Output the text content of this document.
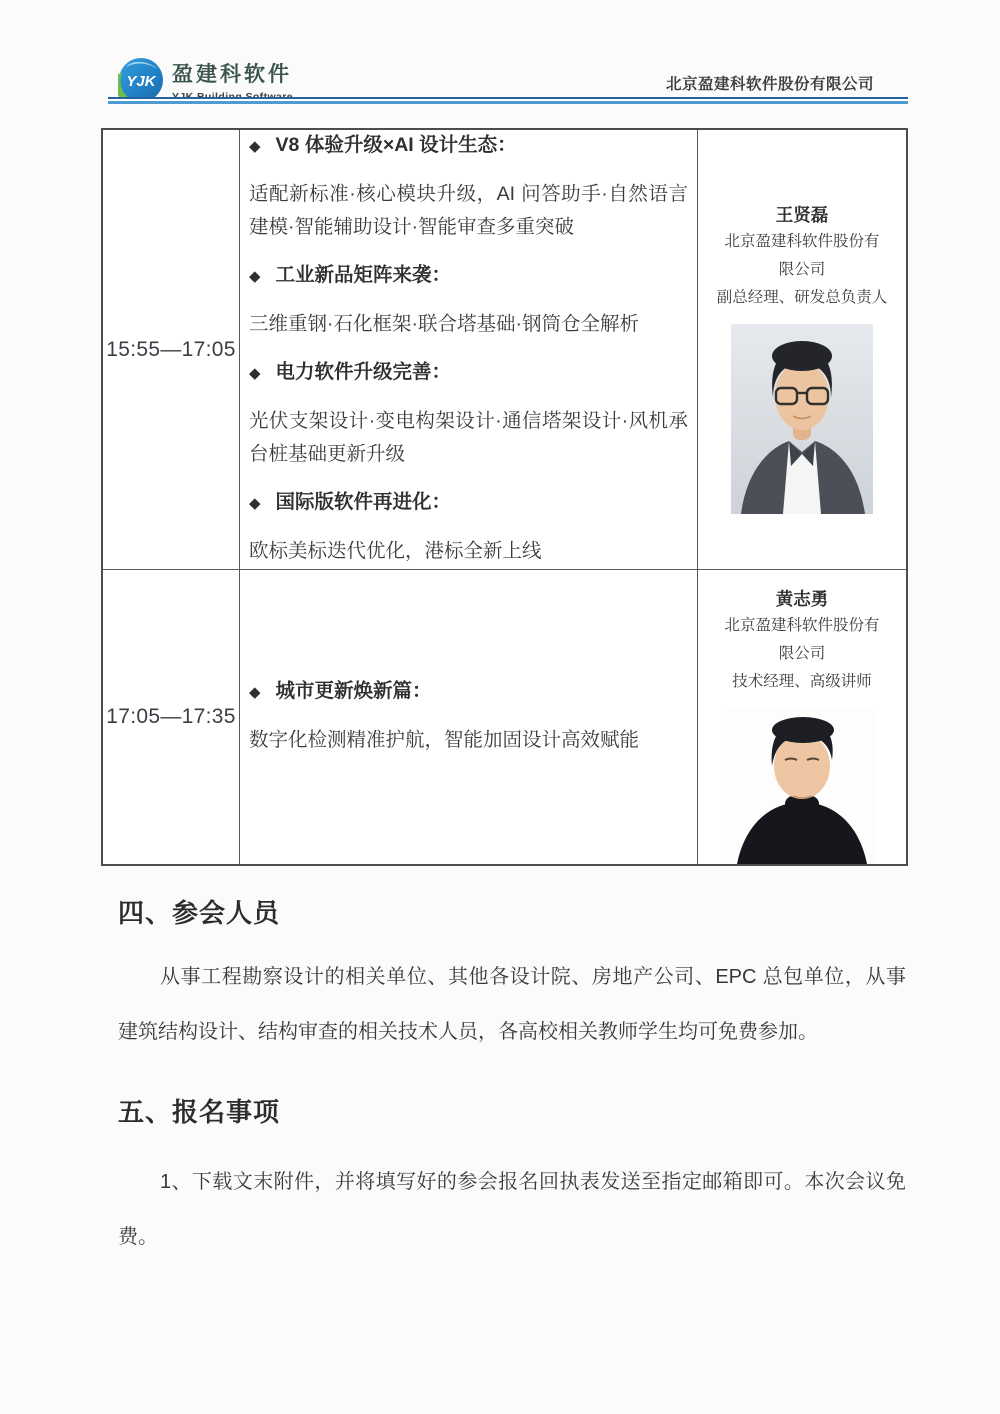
YJK 盈建科软件	北京盈建科软件股份有限公司
15:55—17:05

◆ V8 体验升级×AI 设计生态：

适配新标准·核心模块升级，AI 问答助手·自然语言建模·智能辅助设计·智能审查多重突破

◆ 工业新品矩阵来袭：

三维重钢·石化框架·联合塔基础·钢筒仓全解析

◆ 电力软件升级完善：

光伏支架设计·变电构架设计·通信塔架设计·风机承台桩基础更新升级

◆ 国际版软件再进化：

欧标美标迭代优化，港标全新上线

王贤磊
北京盈建科软件股份有限公司
副总经理、研发总负责人
17:05—17:35

◆ 城市更新焕新篇：

数字化检测精准护航，智能加固设计高效赋能

黄志勇
北京盈建科软件股份有限公司
技术经理、高级讲师
四、参会人员

从事工程勘察设计的相关单位、其他各设计院、房地产公司、EPC 总包单位，从事建筑结构设计、结构审查的相关技术人员，各高校相关教师学生均可免费参加。

五、报名事项

1、下载文末附件，并将填写好的参会报名回执表发送至指定邮箱即可。本次会议免费。
